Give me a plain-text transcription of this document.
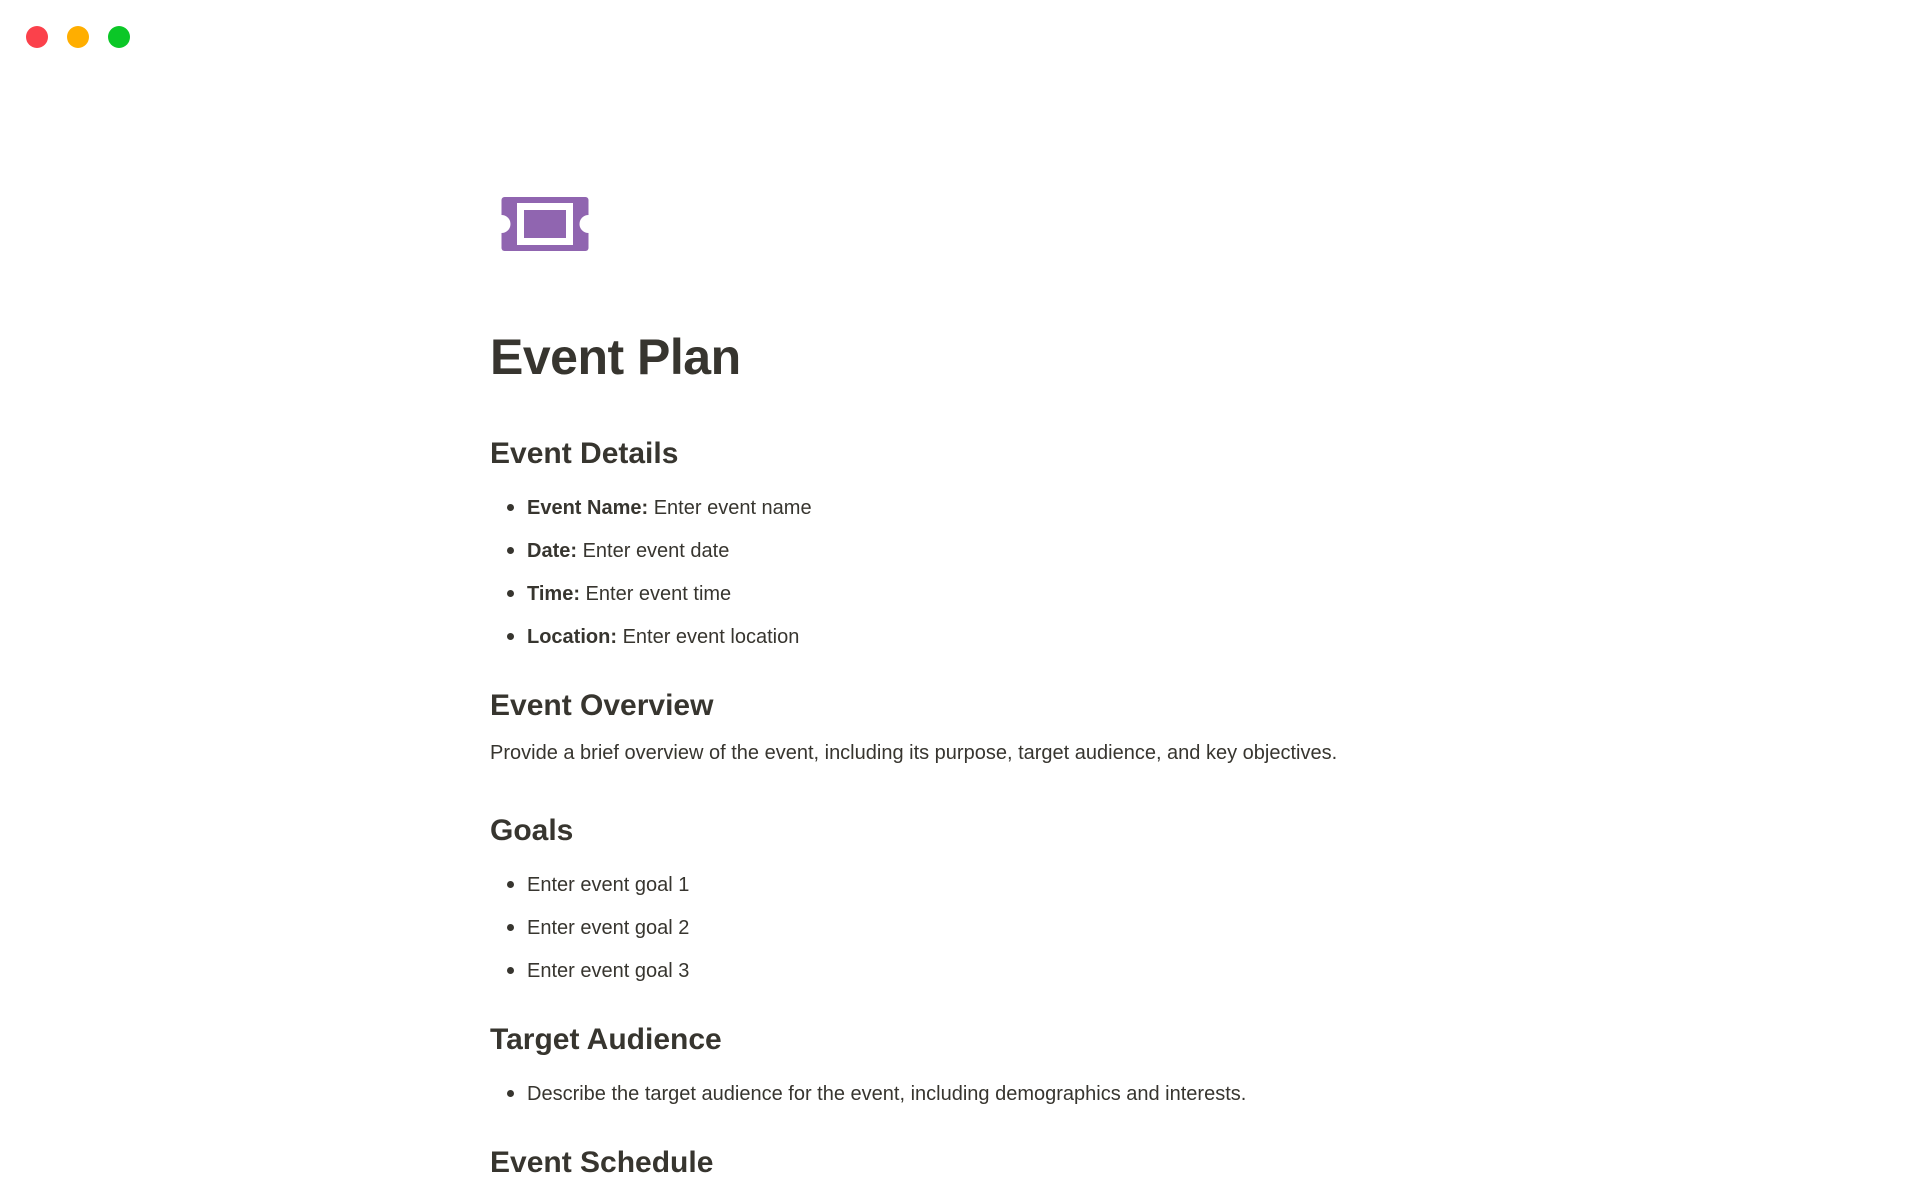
Event Plan
Event Details
Event Name: Enter event name
Date: Enter event date
Time: Enter event time
Location: Enter event location
Event Overview

Provide a brief overview of the event, including its purpose, target audience, and key objectives.

Goals
Enter event goal 1
Enter event goal 2
Enter event goal 3
Target Audience
Describe the target audience for the event, including demographics and interests.
Event Schedule
